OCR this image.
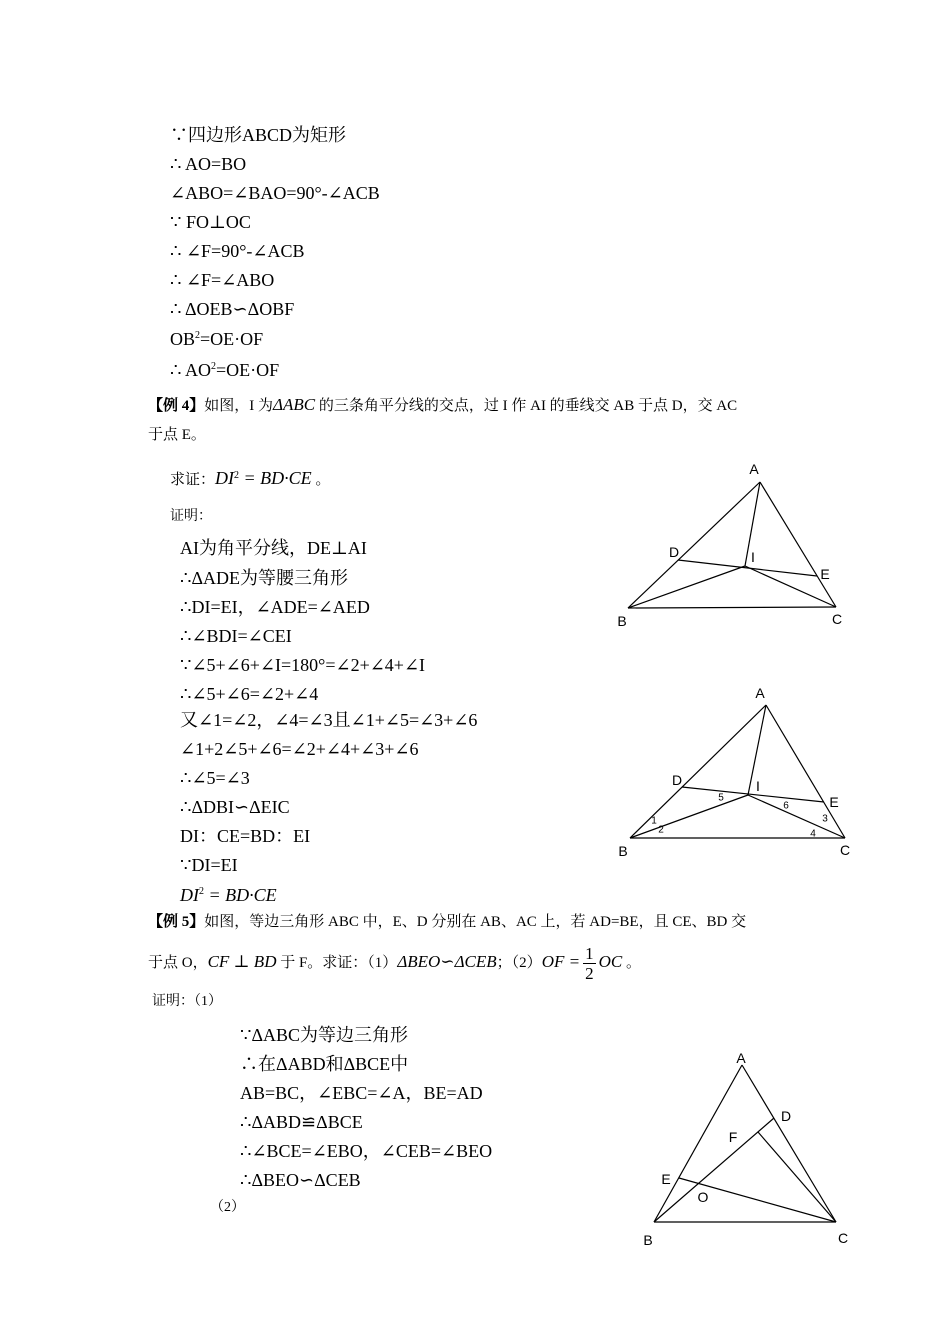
∵四边形ABCD为矩形
∴ AO=BO
∠ABO=∠BAO=90°-∠ACB
∵ FO⊥OC
∴ ∠F=90°-∠ACB
∴ ∠F=∠ABO
∴ ΔOEB∽ΔOBF
$OB^2=OE\cdot OF$
∴ $AO^2=OE\cdot OF$
【例 4】如图，I 为ΔABC 的三条角平分线的交点，过 I 作 AI 的垂线交 AB 于点 D，交 AC
于点 E。
求证：$DI^2 = BD\cdot CE$ 。
证明：
AI为角平分线，DE⊥AI
∴ΔADE为等腰三角形
∴DI=EI，∠ADE=∠AED
∴∠BDI=∠CEI
∵∠5+∠6+∠I=180°=∠2+∠4+∠I
∴∠5+∠6=∠2+∠4
又∠1=∠2，∠4=∠3且∠1+∠5=∠3+∠6
∠1+2∠5+∠6=∠2+∠4+∠3+∠6
∴∠5=∠3
∴ΔDBI∽ΔEIC
DI：CE=BD：EI
∵DI=EI
$DI^2 = BD\cdot CE$
【例 5】如图，等边三角形 ABC 中，E、D 分别在 AB、AC 上，若 AD=BE，且 CE、BD 交
于点 O，CF ⊥ BD 于 F。求证：（1）ΔBEO∽ΔCEB；$(2)OF = \frac{1}{2}$ OC 。
证明：（1）
∵ΔABC为等边三角形
∴在ΔABD和ΔBCE中
AB=BC，∠EBC=∠A，BE=AD
∴ΔABD≌ΔBCE
∴∠BCE=∠EBO，∠CEB=∠BEO
∴ΔBEO∽ΔCEB
（2）
A
D	I
E
B	C
A
D	I
E
B	C
1
2
5
6
3
4
A
D
F
E
O
B	C
